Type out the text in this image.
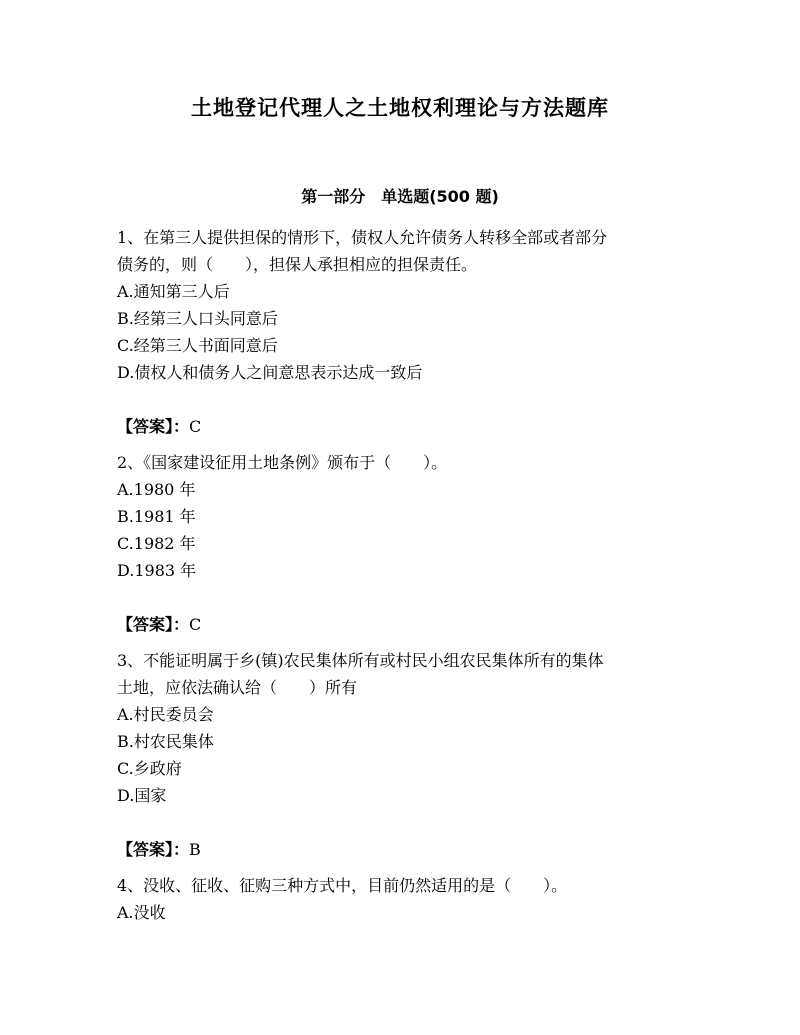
土地登记代理人之土地权利理论与方法题库
第一部分　单选题(500 题)

1、在第三人提供担保的情形下，债权人允许债务人转移全部或者部分

债务的，则（　　），担保人承担相应的担保责任。

A.通知第三人后

B.经第三人口头同意后

C.经第三人书面同意后

D.债权人和债务人之间意思表示达成一致后

【答案】：C

2、《国家建设征用土地条例》颁布于（　　）。

A.1980 年

B.1981 年

C.1982 年

D.1983 年

【答案】：C

3、不能证明属于乡(镇)农民集体所有或村民小组农民集体所有的集体

土地，应依法确认给（　　）所有

A.村民委员会

B.村农民集体

C.乡政府

D.国家

【答案】：B

4、没收、征收、征购三种方式中，目前仍然适用的是（　　）。

A.没收
